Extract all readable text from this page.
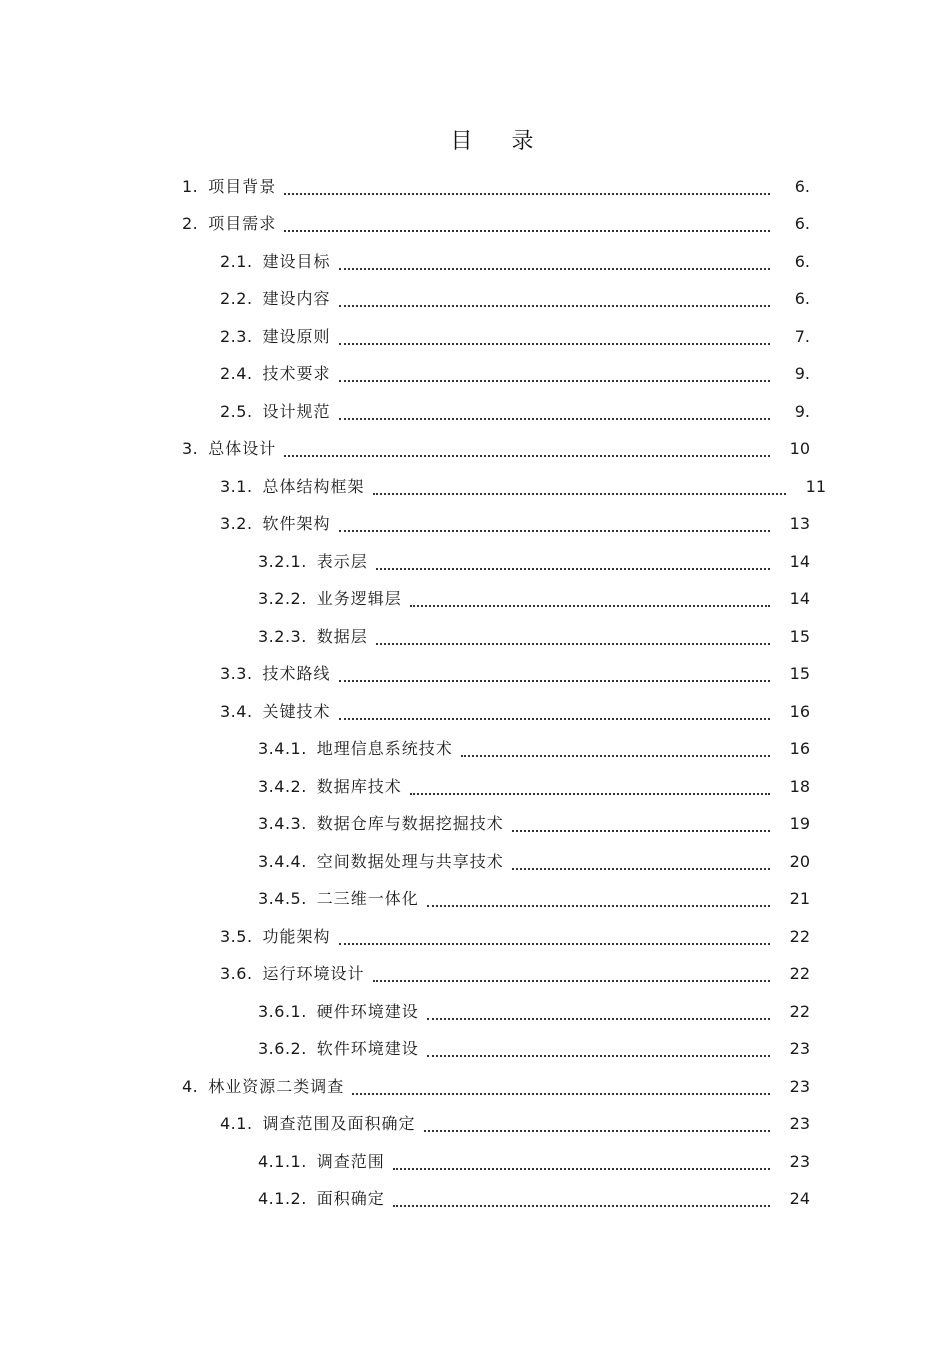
目 录
1. 项目背景	6.
2. 项目需求	6.
2.1. 建设目标	6.
2.2. 建设内容	6.
2.3. 建设原则	7.
2.4. 技术要求	9.
2.5. 设计规范	9.
3. 总体设计	10
3.1. 总体结构框架	11
3.2. 软件架构	13
3.2.1. 表示层	14
3.2.2. 业务逻辑层	14
3.2.3. 数据层	15
3.3. 技术路线	15
3.4. 关键技术	16
3.4.1. 地理信息系统技术	16
3.4.2. 数据库技术	18
3.4.3. 数据仓库与数据挖掘技术	19
3.4.4. 空间数据处理与共享技术	20
3.4.5. 二三维一体化	21
3.5. 功能架构	22
3.6. 运行环境设计	22
3.6.1. 硬件环境建设	22
3.6.2. 软件环境建设	23
4. 林业资源二类调查	23
4.1. 调查范围及面积确定	23
4.1.1. 调查范围	23
4.1.2. 面积确定	24
